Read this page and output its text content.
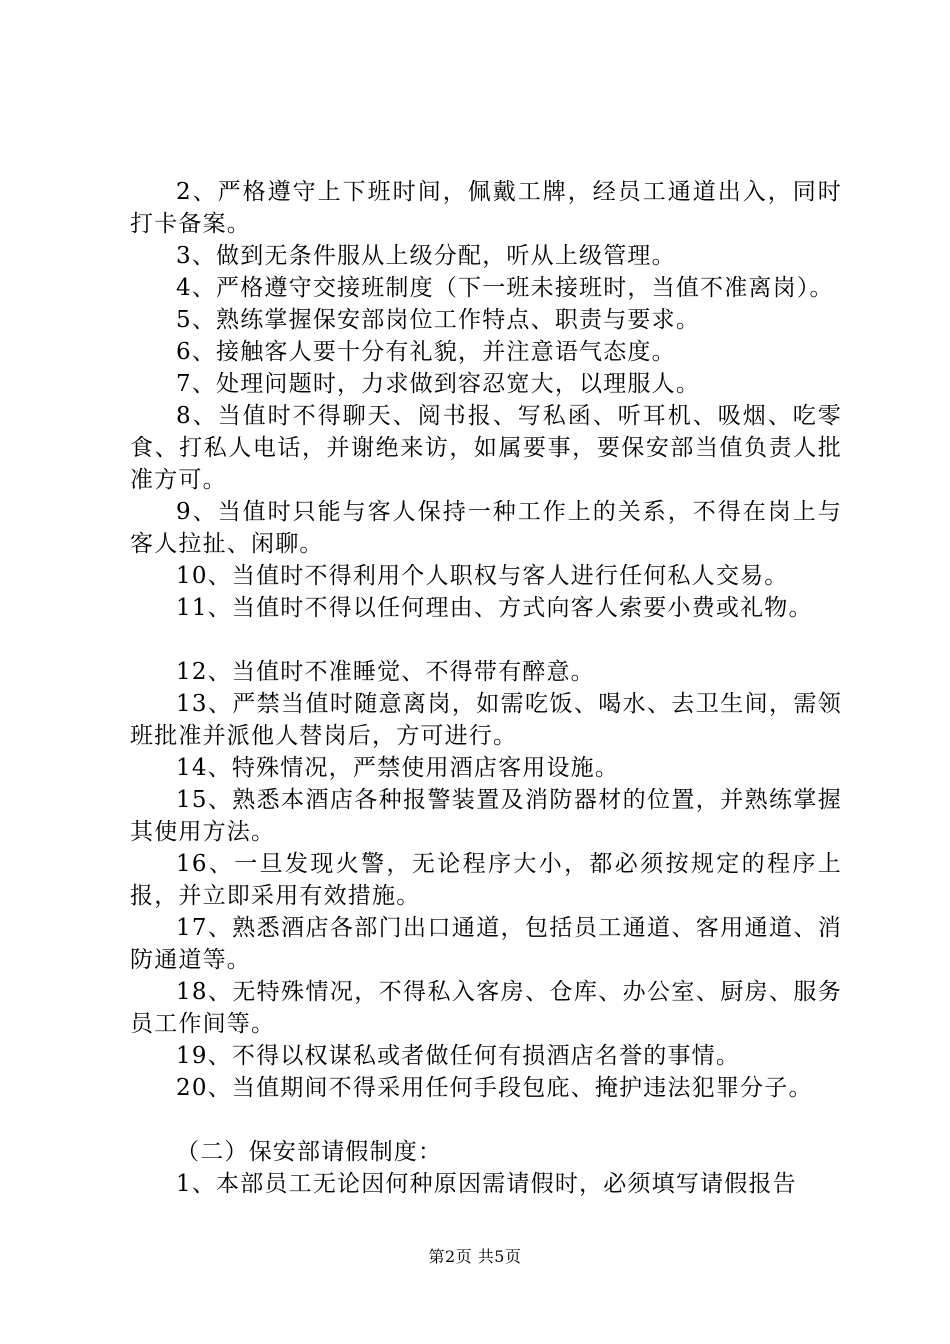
2、严格遵守上下班时间，佩戴工牌，经员工通道出入，同时打卡备案。

3、做到无条件服从上级分配，听从上级管理。

4、严格遵守交接班制度（下一班未接班时，当值不准离岗）。

5、熟练掌握保安部岗位工作特点、职责与要求。

6、接触客人要十分有礼貌，并注意语气态度。

7、处理问题时，力求做到容忍宽大，以理服人。

8、当值时不得聊天、阅书报、写私函、听耳机、吸烟、吃零食、打私人电话，并谢绝来访，如属要事，要保安部当值负责人批准方可。

9、当值时只能与客人保持一种工作上的关系，不得在岗上与客人拉扯、闲聊。

10、当值时不得利用个人职权与客人进行任何私人交易。

11、当值时不得以任何理由、方式向客人索要小费或礼物。

12、当值时不准睡觉、不得带有醉意。

13、严禁当值时随意离岗，如需吃饭、喝水、去卫生间，需领班批准并派他人替岗后，方可进行。

14、特殊情况，严禁使用酒店客用设施。

15、熟悉本酒店各种报警装置及消防器材的位置，并熟练掌握其使用方法。

16、一旦发现火警，无论程序大小，都必须按规定的程序上报，并立即采用有效措施。

17、熟悉酒店各部门出口通道，包括员工通道、客用通道、消防通道等。

18、无特殊情况，不得私入客房、仓库、办公室、厨房、服务员工作间等。

19、不得以权谋私或者做任何有损酒店名誉的事情。

20、当值期间不得采用任何手段包庇、掩护违法犯罪分子。

（二）保安部请假制度：

1、本部员工无论因何种原因需请假时，必须填写请假报告

第2页 共5页
